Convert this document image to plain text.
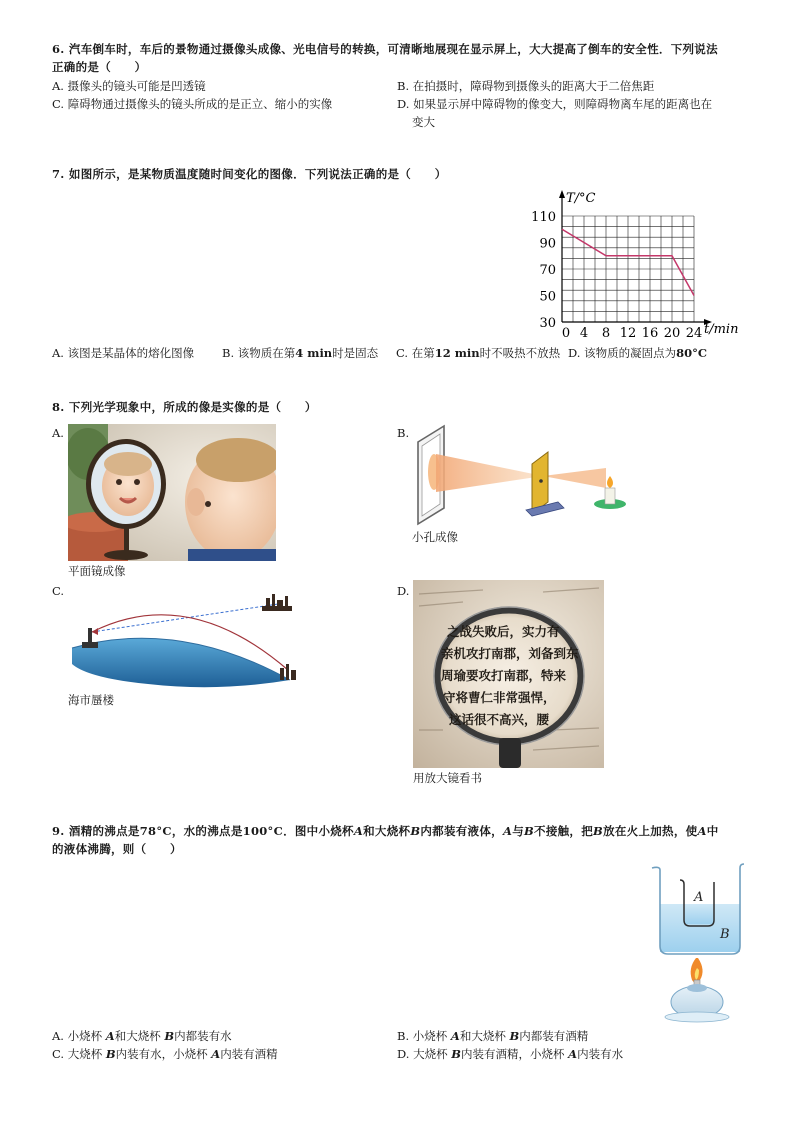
6. 汽车倒车时，车后的景物通过摄像头成像、光电信号的转换，可清晰地展现在显示屏上，大大提高了倒车的安全性．下列说法
正确的是（　　）
A. 摄像头的镜头可能是凹透镜	B. 在拍摄时，障碍物到摄像头的距离大于二倍焦距
C. 障碍物通过摄像头的镜头所成的是正立、缩小的实像	D. 如果显示屏中障碍物的像变大，则障碍物离车尾的距离也在
变大
7. 如图所示，是某物质温度随时间变化的图像．下列说法正确的是（　　）
T/°C
t/min
30
50
70
90
110
0 4 8 12 16 20 24
A. 该图是某晶体的熔化图像 B. 该物质在第4 min时是固态 C. 在第12 min时不吸热不放热 D. 该物质的凝固点为80°C
8. 下列光学现象中，所成的像是实像的是（　　）
A.
平面镜成像
B.
小孔成像
C.
海市蜃楼
D.
之战失败后，实力有
亲机攻打南郡，刘备到东
周瑜要攻打南郡，特来
守将曹仁非常强悍，
这话很不高兴，腰
用放大镜看书
9. 酒精的沸点是78°C，水的沸点是100°C．图中小烧杯A和大烧杯B内都装有液体，A与B不接触，把B放在火上加热，使A中
的液体沸腾，则（　　）
A
B
A. 小烧杯 A和大烧杯 B内都装有水	B. 小烧杯 A和大烧杯 B内都装有酒精
C. 大烧杯 B内装有水，小烧杯 A内装有酒精	D. 大烧杯 B内装有酒精，小烧杯 A内装有水
